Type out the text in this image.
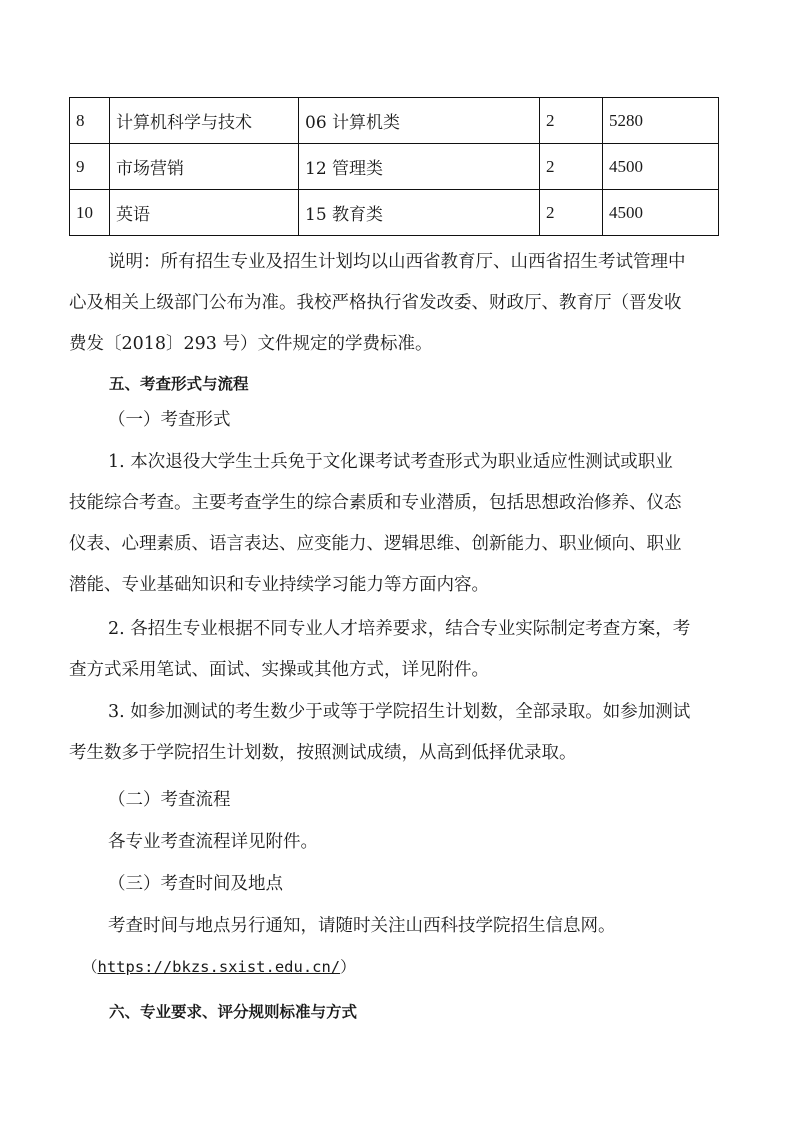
8	计算机科学与技术	06 计算机类	2	5280
9	市场营销	12 管理类	2	4500
10	英语	15 教育类	2	4500
说明：所有招生专业及招生计划均以山西省教育厅、山西省招生考试管理中
心及相关上级部门公布为准。我校严格执行省发改委、财政厅、教育厅（晋发收
费发〔2018〕293 号）文件规定的学费标准。

五、考查形式与流程

（一）考查形式

1. 本次退役大学生士兵免于文化课考试考查形式为职业适应性测试或职业
技能综合考查。主要考查学生的综合素质和专业潜质，包括思想政治修养、仪态
仪表、心理素质、语言表达、应变能力、逻辑思维、创新能力、职业倾向、职业
潜能、专业基础知识和专业持续学习能力等方面内容。
2. 各招生专业根据不同专业人才培养要求，结合专业实际制定考查方案，考
查方式采用笔试、面试、实操或其他方式，详见附件。
3. 如参加测试的考生数少于或等于学院招生计划数，全部录取。如参加测试
考生数多于学院招生计划数，按照测试成绩，从高到低择优录取。

（二）考查流程

各专业考查流程详见附件。

（三）考查时间及地点

考查时间与地点另行通知，请随时关注山西科技学院招生信息网。

（https://bkzs.sxist.edu.cn/）

六、专业要求、评分规则标准与方式
